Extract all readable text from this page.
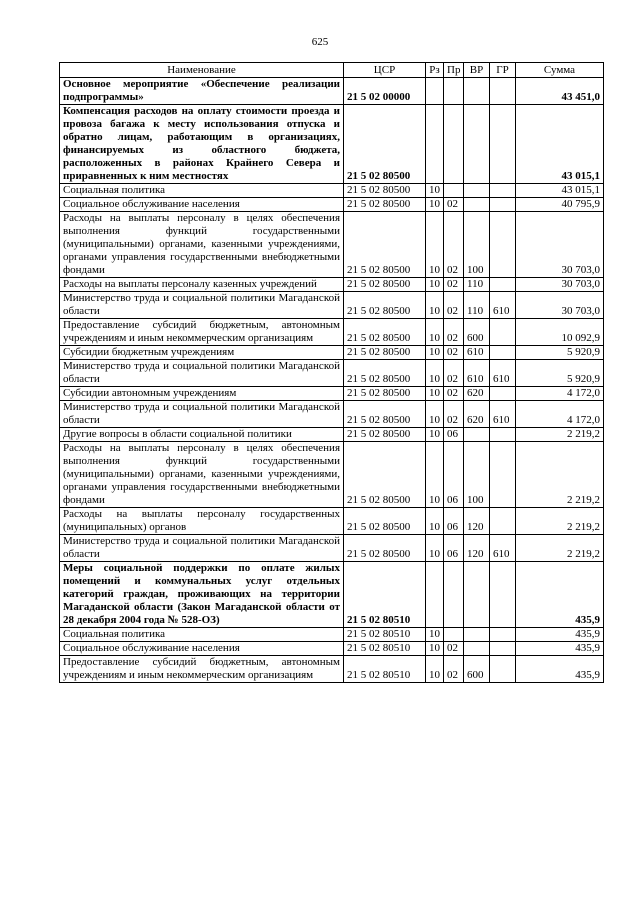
625
Наименование	ЦСР	Рз	Пр	ВР	ГР	Сумма
Основное мероприятие «Обеспечение реализации подпрограммы»	21 5 02 00000					43 451,0
Компенсация расходов на оплату стоимости проезда и провоза багажа к месту использования отпуска и обратно лицам, работающим в организациях, финансируемых из областного бюджета, расположенных в районах Крайнего Севера и приравненных к ним местностях	21 5 02 80500					43 015,1
Социальная политика	21 5 02 80500	10				43 015,1
Социальное обслуживание населения	21 5 02 80500	10	02			40 795,9
Расходы на выплаты персоналу в целях обеспечения выполнения функций государственными (муниципальными) органами, казенными учреждениями, органами управления государственными внебюджетными фондами	21 5 02 80500	10	02	100		30 703,0
Расходы на выплаты персоналу казенных учреждений	21 5 02 80500	10	02	110		30 703,0
Министерство труда и социальной политики Магаданской области	21 5 02 80500	10	02	110	610	30 703,0
Предоставление субсидий бюджетным, автономным учреждениям и иным некоммерческим организациям	21 5 02 80500	10	02	600		10 092,9
Субсидии бюджетным учреждениям	21 5 02 80500	10	02	610		5 920,9
Министерство труда и социальной политики Магаданской области	21 5 02 80500	10	02	610	610	5 920,9
Субсидии автономным учреждениям	21 5 02 80500	10	02	620		4 172,0
Министерство труда и социальной политики Магаданской области	21 5 02 80500	10	02	620	610	4 172,0
Другие вопросы в области социальной политики	21 5 02 80500	10	06			2 219,2
Расходы на выплаты персоналу в целях обеспечения выполнения функций государственными (муниципальными) органами, казенными учреждениями, органами управления государственными внебюджетными фондами	21 5 02 80500	10	06	100		2 219,2
Расходы на выплаты персоналу государственных (муниципальных) органов	21 5 02 80500	10	06	120		2 219,2
Министерство труда и социальной политики Магаданской области	21 5 02 80500	10	06	120	610	2 219,2
Меры социальной поддержки по оплате жилых помещений и коммунальных услуг отдельных категорий граждан, проживающих на территории Магаданской области (Закон Магаданской области от 28 декабря 2004 года № 528-ОЗ)	21 5 02 80510					435,9
Социальная политика	21 5 02 80510	10				435,9
Социальное обслуживание населения	21 5 02 80510	10	02			435,9
Предоставление субсидий бюджетным, автономным учреждениям и иным некоммерческим организациям	21 5 02 80510	10	02	600		435,9
